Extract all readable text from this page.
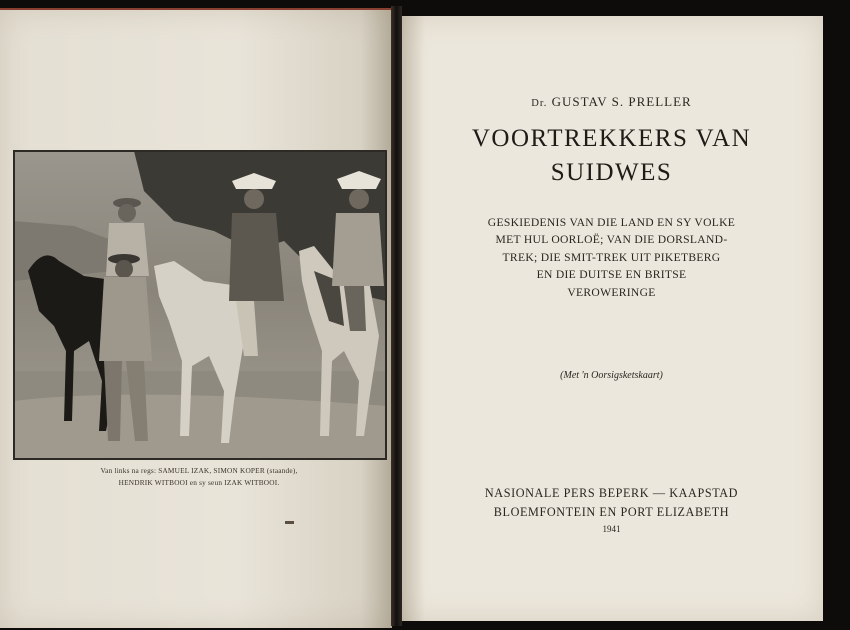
Van links na regs: SAMUEL IZAK, SIMON KOPER (staande),
HENDRIK WITBOOI en sy seun IZAK WITBOOI.
Dr. GUSTAV S. PRELLER
VOORTREKKERS VAN
SUIDWES
GESKIEDENIS VAN DIE LAND EN SY VOLKE
MET HUL OORLOË; VAN DIE DORSLAND-
TREK; DIE SMIT-TREK UIT PIKETBERG
EN DIE DUITSE EN BRITSE
VEROWERINGE
(Met 'n Oorsigsketskaart)
NASIONALE PERS BEPERK — KAAPSTAD
BLOEMFONTEIN EN PORT ELIZABETH
1941
